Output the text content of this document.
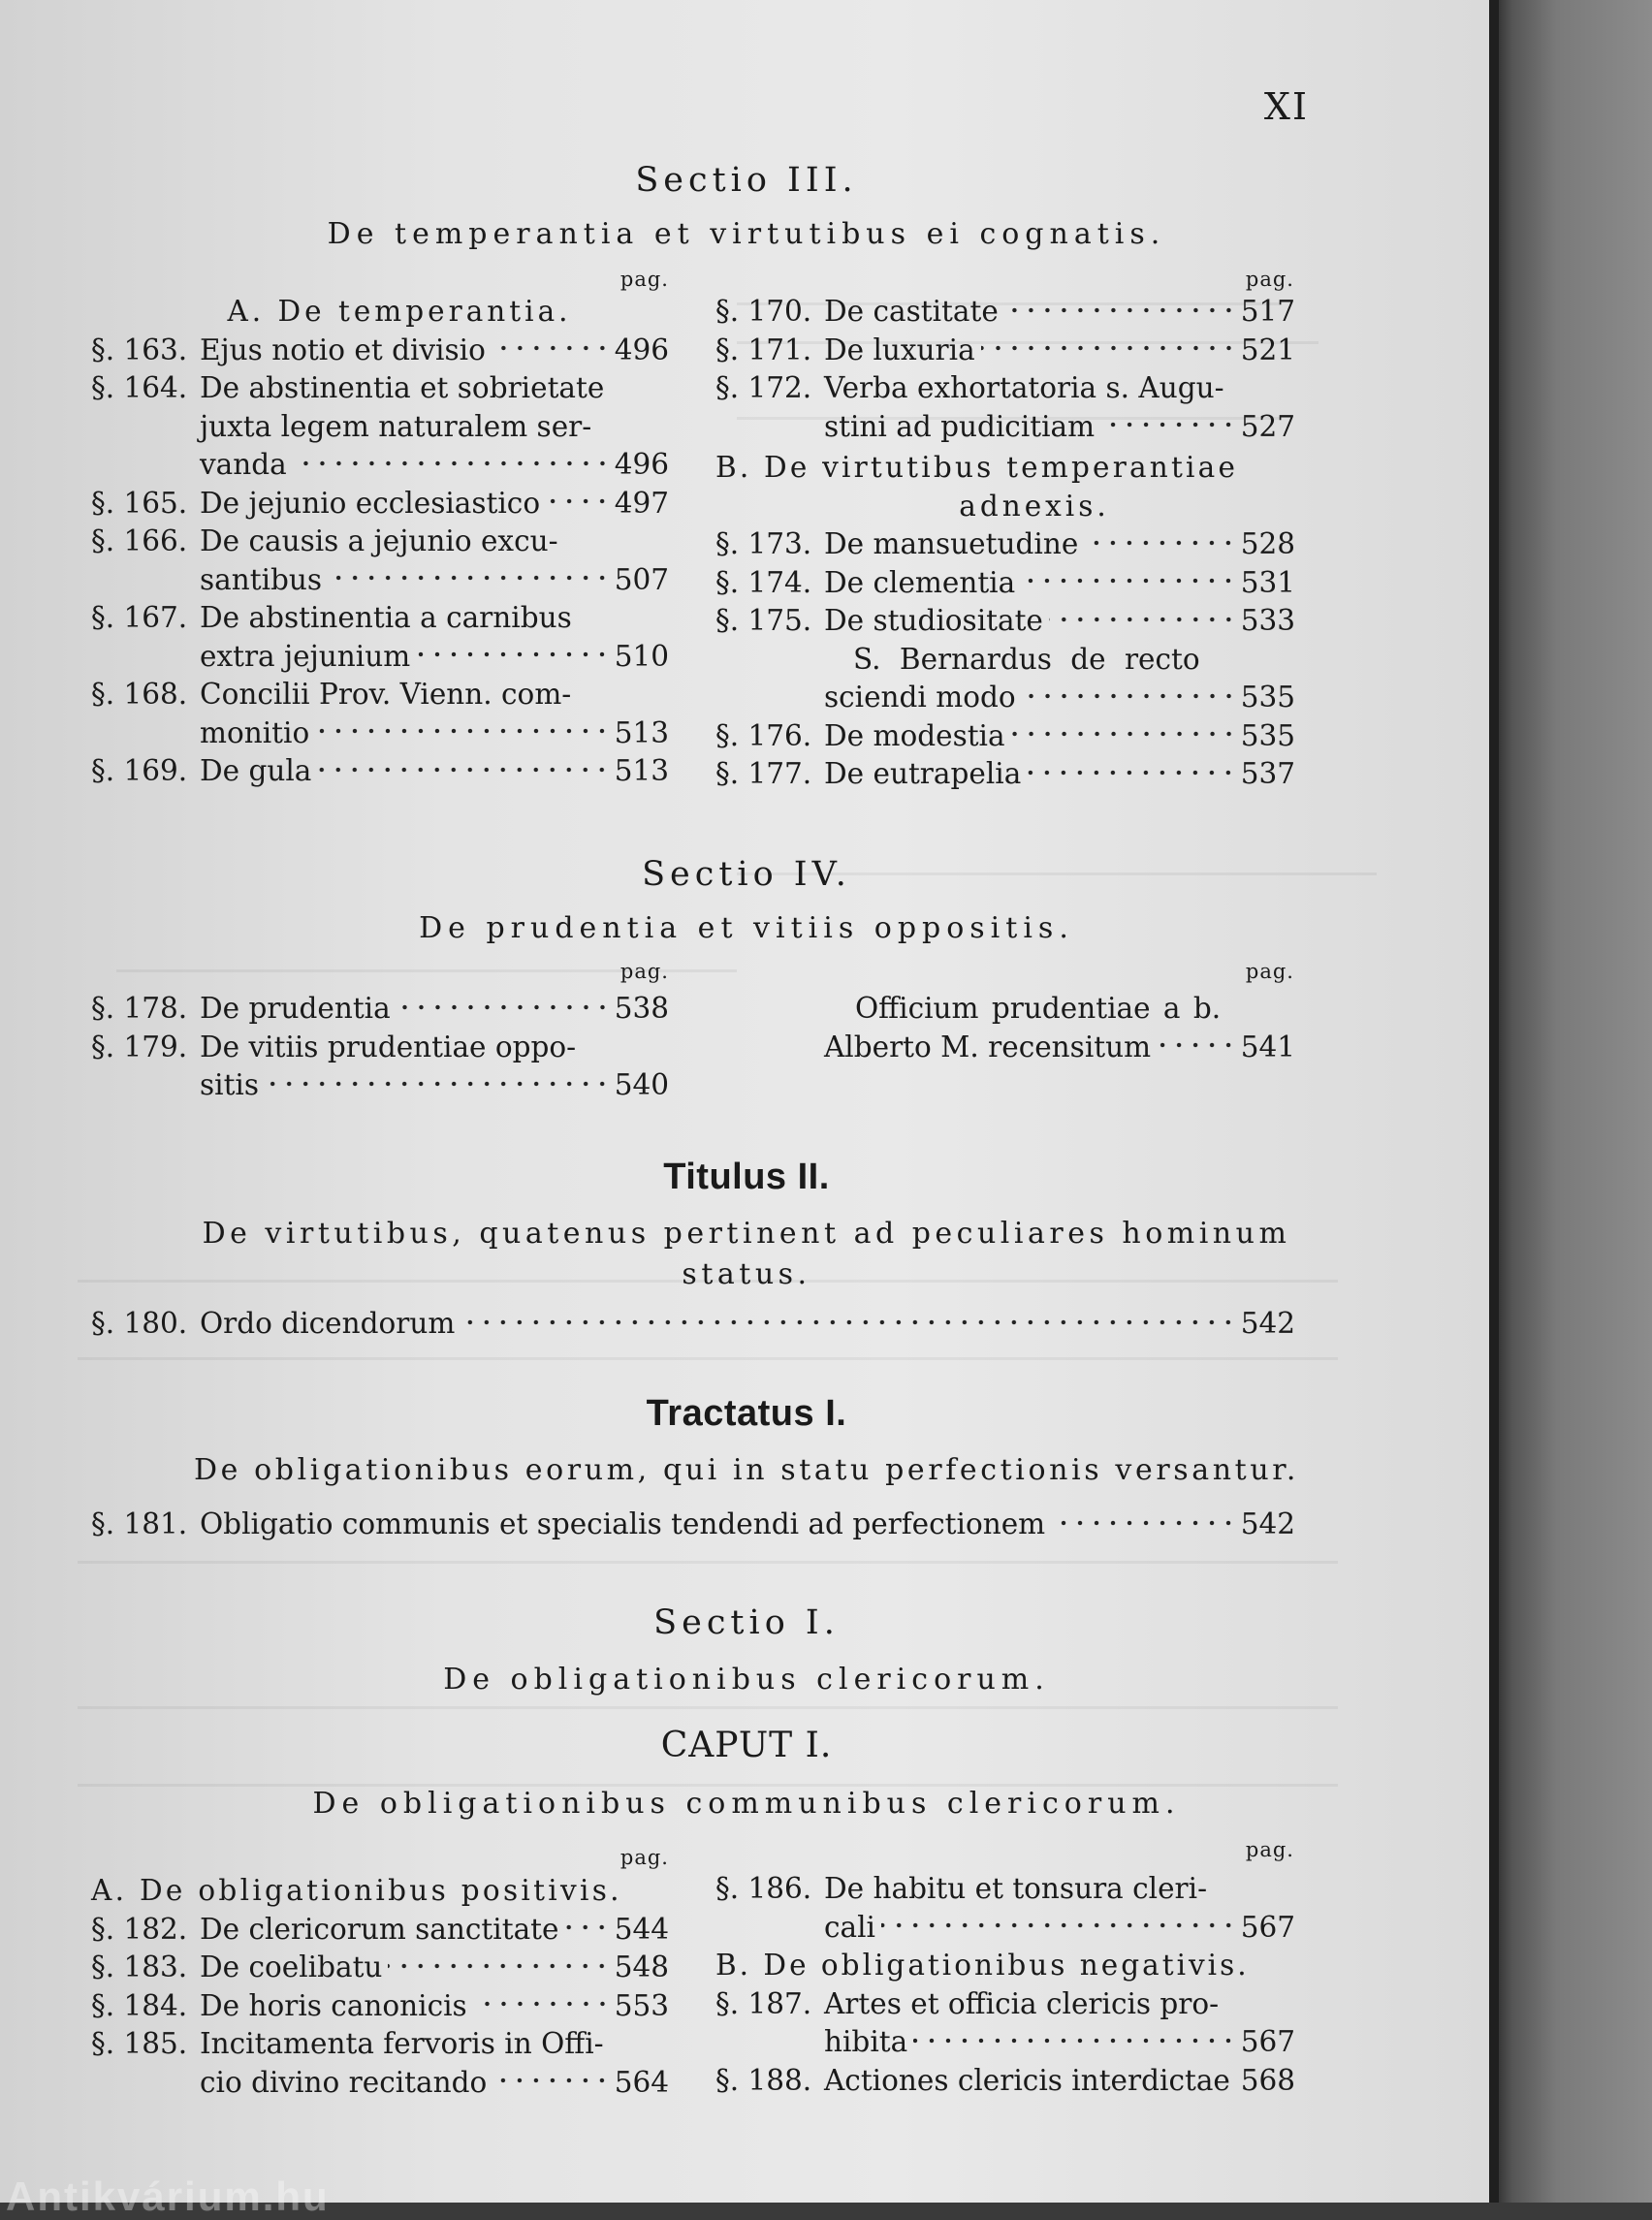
XI
Sectio III.
De temperantia et virtutibus ei cognatis.
pag.	pag.
A. De temperantia.
§. 163. Ejus notio et divisio	496
§. 164. De abstinentia et sobrietate
juxta legem naturalem ser-
vanda	496
§. 165. De jejunio ecclesiastico	497
§. 166. De causis a jejunio excu-
santibus	507
§. 167. De abstinentia a carnibus
extra jejunium	510
§. 168. Concilii Prov. Vienn. com-
monitio	513
§. 169. De gula	513
§. 170. De castitate	517
§. 171. De luxuria	521
§. 172. Verba exhortatoria s. Augu-
stini ad pudicitiam	527
B. De virtutibus temperantiae
adnexis.
§. 173. De mansuetudine	528
§. 174. De clementia	531
§. 175. De studiositate	533
S. Bernardus de recto
sciendi modo	535
§. 176. De modestia	535
§. 177. De eutrapelia	537
Sectio IV.
De prudentia et vitiis oppositis.
pag.	pag.
§. 178. De prudentia	538
§. 179. De vitiis prudentiae oppo-
sitis	540
Officium prudentiae a b.
Alberto M. recensitum	541
Titulus II.
De virtutibus, quatenus pertinent ad peculiares hominum
status.
§. 180. Ordo dicendorum	542
Tractatus I.
De obligationibus eorum, qui in statu perfectionis versantur.
§. 181. Obligatio communis et specialis tendendi ad perfectionem	542
Sectio I.
De obligationibus clericorum.
CAPUT I.
De obligationibus communibus clericorum.
pag.	pag.
A. De obligationibus positivis.
§. 182. De clericorum sanctitate 544
§. 183. De coelibatu	548
§. 184. De horis canonicis	553
§. 185. Incitamenta fervoris in Offi-
cio divino recitando	564
§. 186. De habitu et tonsura cleri-
cali	567
B. De obligationibus negativis.
§. 187. Artes et officia clericis pro-
hibita	567
§. 188. Actiones clericis interdictae 568
Antikvárium.hu
